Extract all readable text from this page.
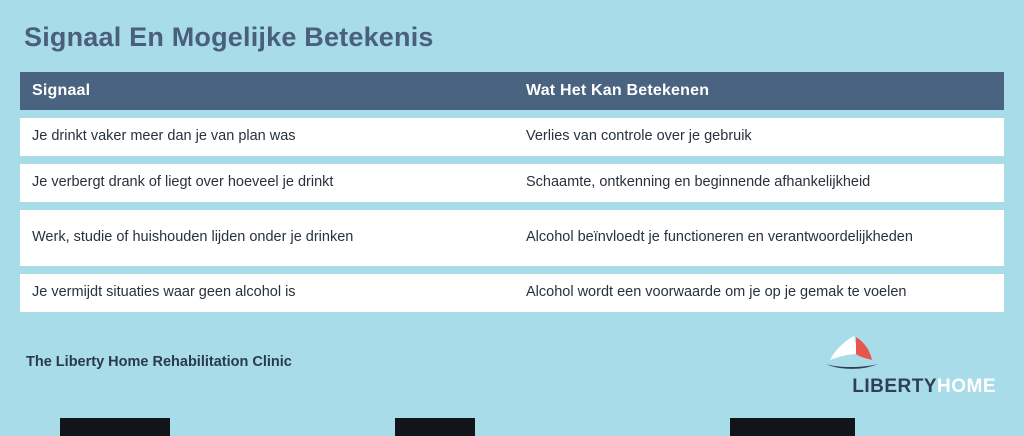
Signaal En Mogelijke Betekenis
Signaal	Wat Het Kan Betekenen
Je drinkt vaker meer dan je van plan was	Verlies van controle over je gebruik
Je verbergt drank of liegt over hoeveel je drinkt	Schaamte, ontkenning en beginnende afhankelijkheid
Werk, studie of huishouden lijden onder je drinken	Alcohol beïnvloedt je functioneren en verantwoordelijkheden
Je vermijdt situaties waar geen alcohol is	Alcohol wordt een voorwaarde om je op je gemak te voelen
The Liberty Home Rehabilitation Clinic
LIBERTYHOME
